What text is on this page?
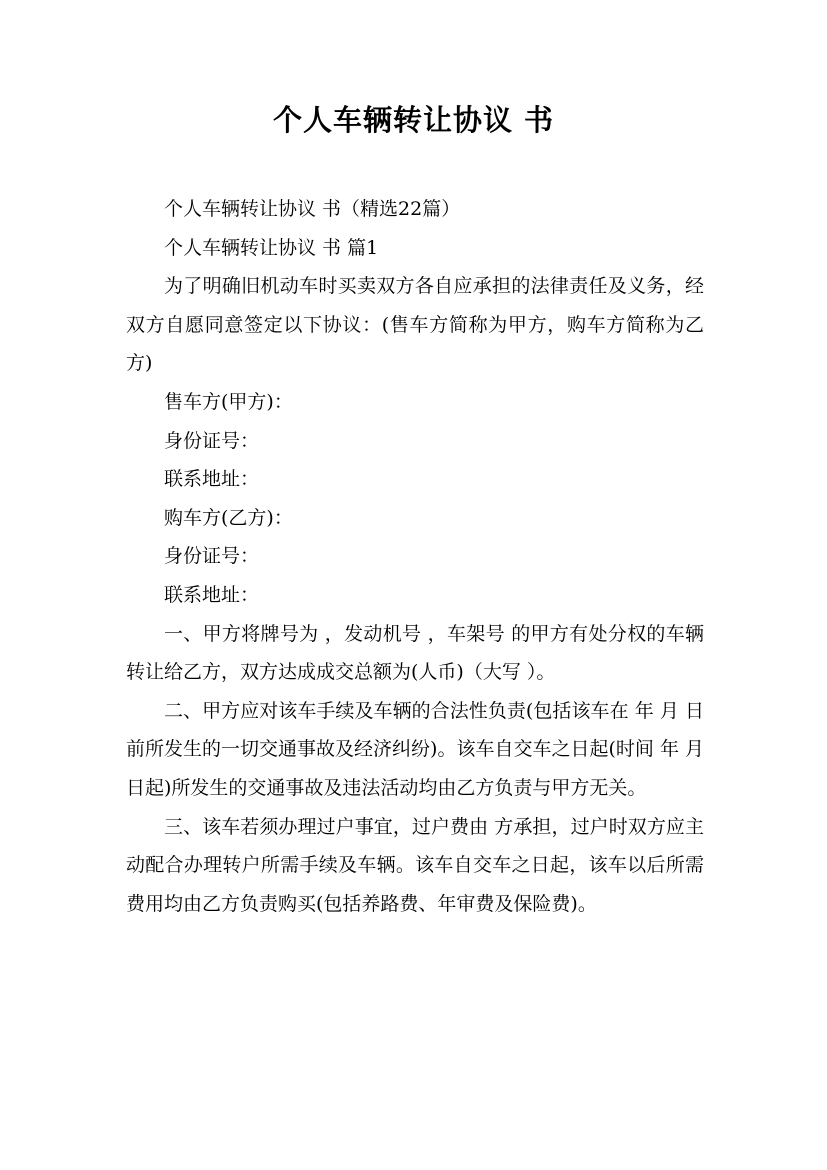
个人车辆转让协议 书

个人车辆转让协议 书（精选22篇）

个人车辆转让协议 书 篇1

为了明确旧机动车时买卖双方各自应承担的法律责任及义务，经双方自愿同意签定以下协议：(售车方简称为甲方，购车方简称为乙方)

售车方(甲方)：

身份证号：

联系地址：

购车方(乙方)：

身份证号：

联系地址：

一、甲方将牌号为 ，发动机号 ，车架号 的甲方有处分权的车辆转让给乙方，双方达成成交总额为(人币)（大写 ）。

二、甲方应对该车手续及车辆的合法性负责(包括该车在 年 月 日前所发生的一切交通事故及经济纠纷)。该车自交车之日起(时间 年 月 日起)所发生的交通事故及违法活动均由乙方负责与甲方无关。

三、该车若须办理过户事宜，过户费由 方承担，过户时双方应主动配合办理转户所需手续及车辆。该车自交车之日起，该车以后所需费用均由乙方负责购买(包括养路费、年审费及保险费)。
